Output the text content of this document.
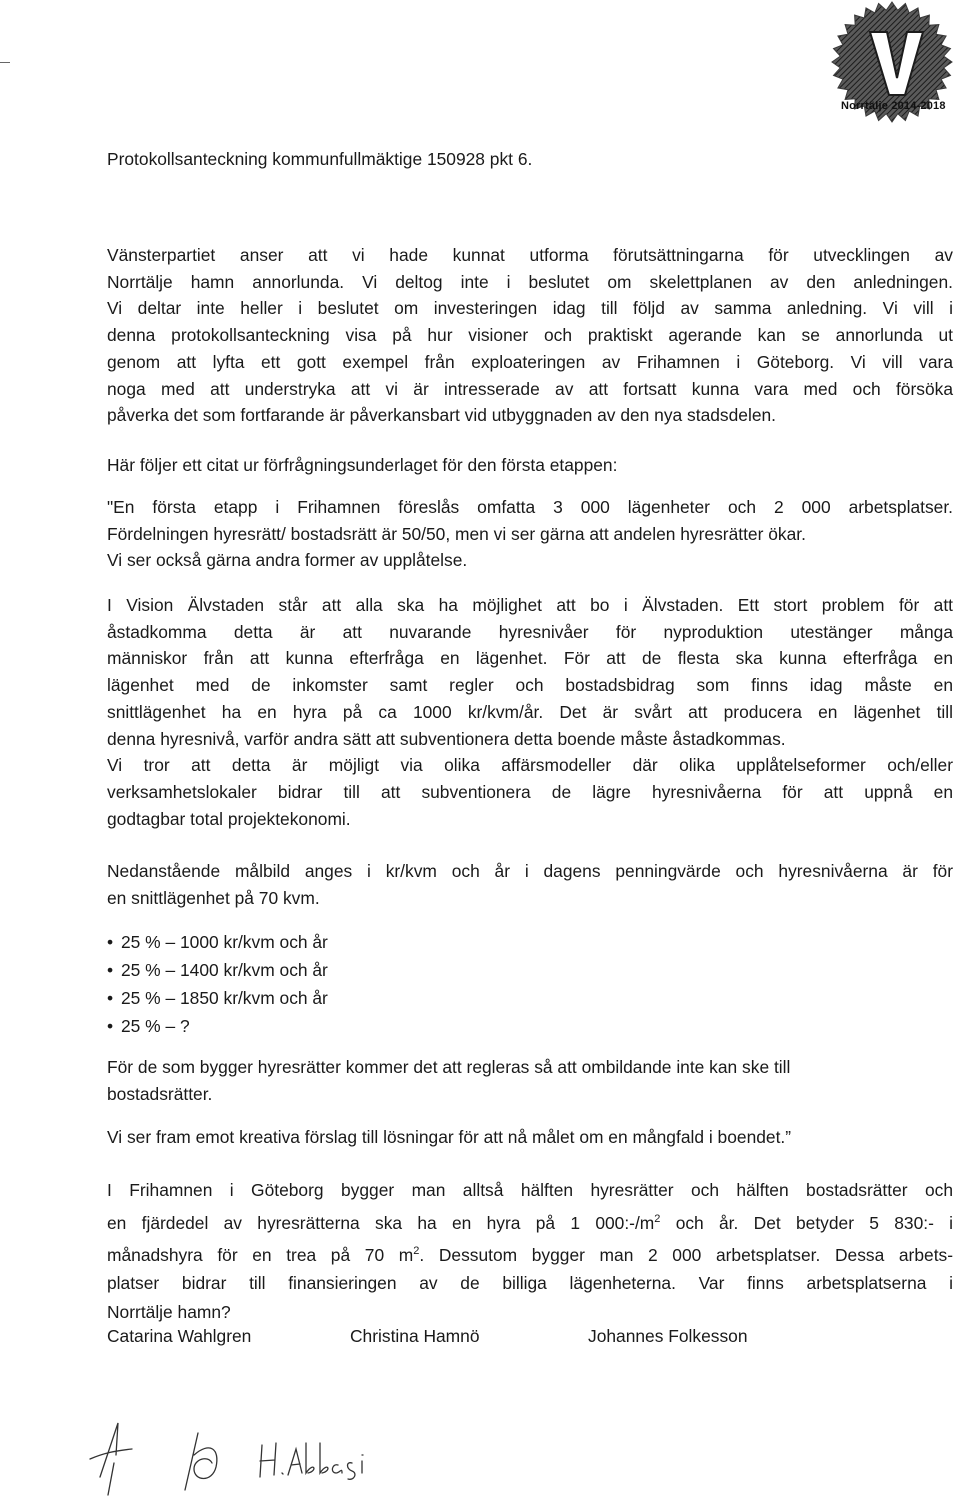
Norrtälje 2014-2018
Protokollsanteckning kommunfullmäktige 150928 pkt 6.
Vänsterpartiet anser att vi hade kunnat utforma förutsättningarna för utvecklingen av
Norrtälje hamn annorlunda. Vi deltog inte i beslutet om skelettplanen av den anledningen.
Vi deltar inte heller i beslutet om investeringen idag till följd av samma anledning. Vi vill i
denna protokollsanteckning visa på hur visioner och praktiskt agerande kan se annorlunda ut
genom att lyfta ett gott exempel från exploateringen av Frihamnen i Göteborg. Vi vill vara
noga med att understryka att vi är intresserade av att fortsatt kunna vara med och försöka
påverka det som fortfarande är påverkansbart vid utbyggnaden av den nya stadsdelen.
Här följer ett citat ur förfrågningsunderlaget för den första etappen:
"En första etapp i Frihamnen föreslås omfatta 3 000 lägenheter och 2 000 arbetsplatser.
Fördelningen hyresrätt/ bostadsrätt är 50/50, men vi ser gärna att andelen hyresrätter ökar.
Vi ser också gärna andra former av upplåtelse.
I Vision Älvstaden står att alla ska ha möjlighet att bo i Älvstaden. Ett stort problem för att
åstadkomma detta är att nuvarande hyresnivåer för nyproduktion utestänger många
människor från att kunna efterfråga en lägenhet. För att de flesta ska kunna efterfråga en
lägenhet med de inkomster samt regler och bostadsbidrag som finns idag måste en
snittlägenhet ha en hyra på ca 1000 kr/kvm/år. Det är svårt att producera en lägenhet till
denna hyresnivå, varför andra sätt att subventionera detta boende måste åstadkommas.
Vi tror att detta är möjligt via olika affärsmodeller där olika upplåtelseformer och/eller
verksamhetslokaler bidrar till att subventionera de lägre hyresnivåerna för att uppnå en
godtagbar total projektekonomi.
Nedanstående målbild anges i kr/kvm och år i dagens penningvärde och hyresnivåerna är för
en snittlägenhet på 70 kvm.
• 25 % – 1000 kr/kvm och år
• 25 % – 1400 kr/kvm och år
• 25 % – 1850 kr/kvm och år
• 25 % – ?
För de som bygger hyresrätter kommer det att regleras så att ombildande inte kan ske till
bostadsrätter.
Vi ser fram emot kreativa förslag till lösningar för att nå målet om en mångfald i boendet.”
I Frihamnen i Göteborg bygger man alltså hälften hyresrätter och hälften bostadsrätter och
en fjärdedel av hyresrätterna ska ha en hyra på 1 $000:-/m^2$ och år. Det betyder 5 830:- i
månadshyra för en trea på 70 $m^2$. Dessutom bygger man 2 000 arbetsplatser. Dessa arbets-
platser bidrar till finansieringen av de billiga lägenheterna. Var finns arbetsplatserna i
Norrtälje hamn?
Catarina Wahlgren	Christina Hamnö	Johannes Folkesson
